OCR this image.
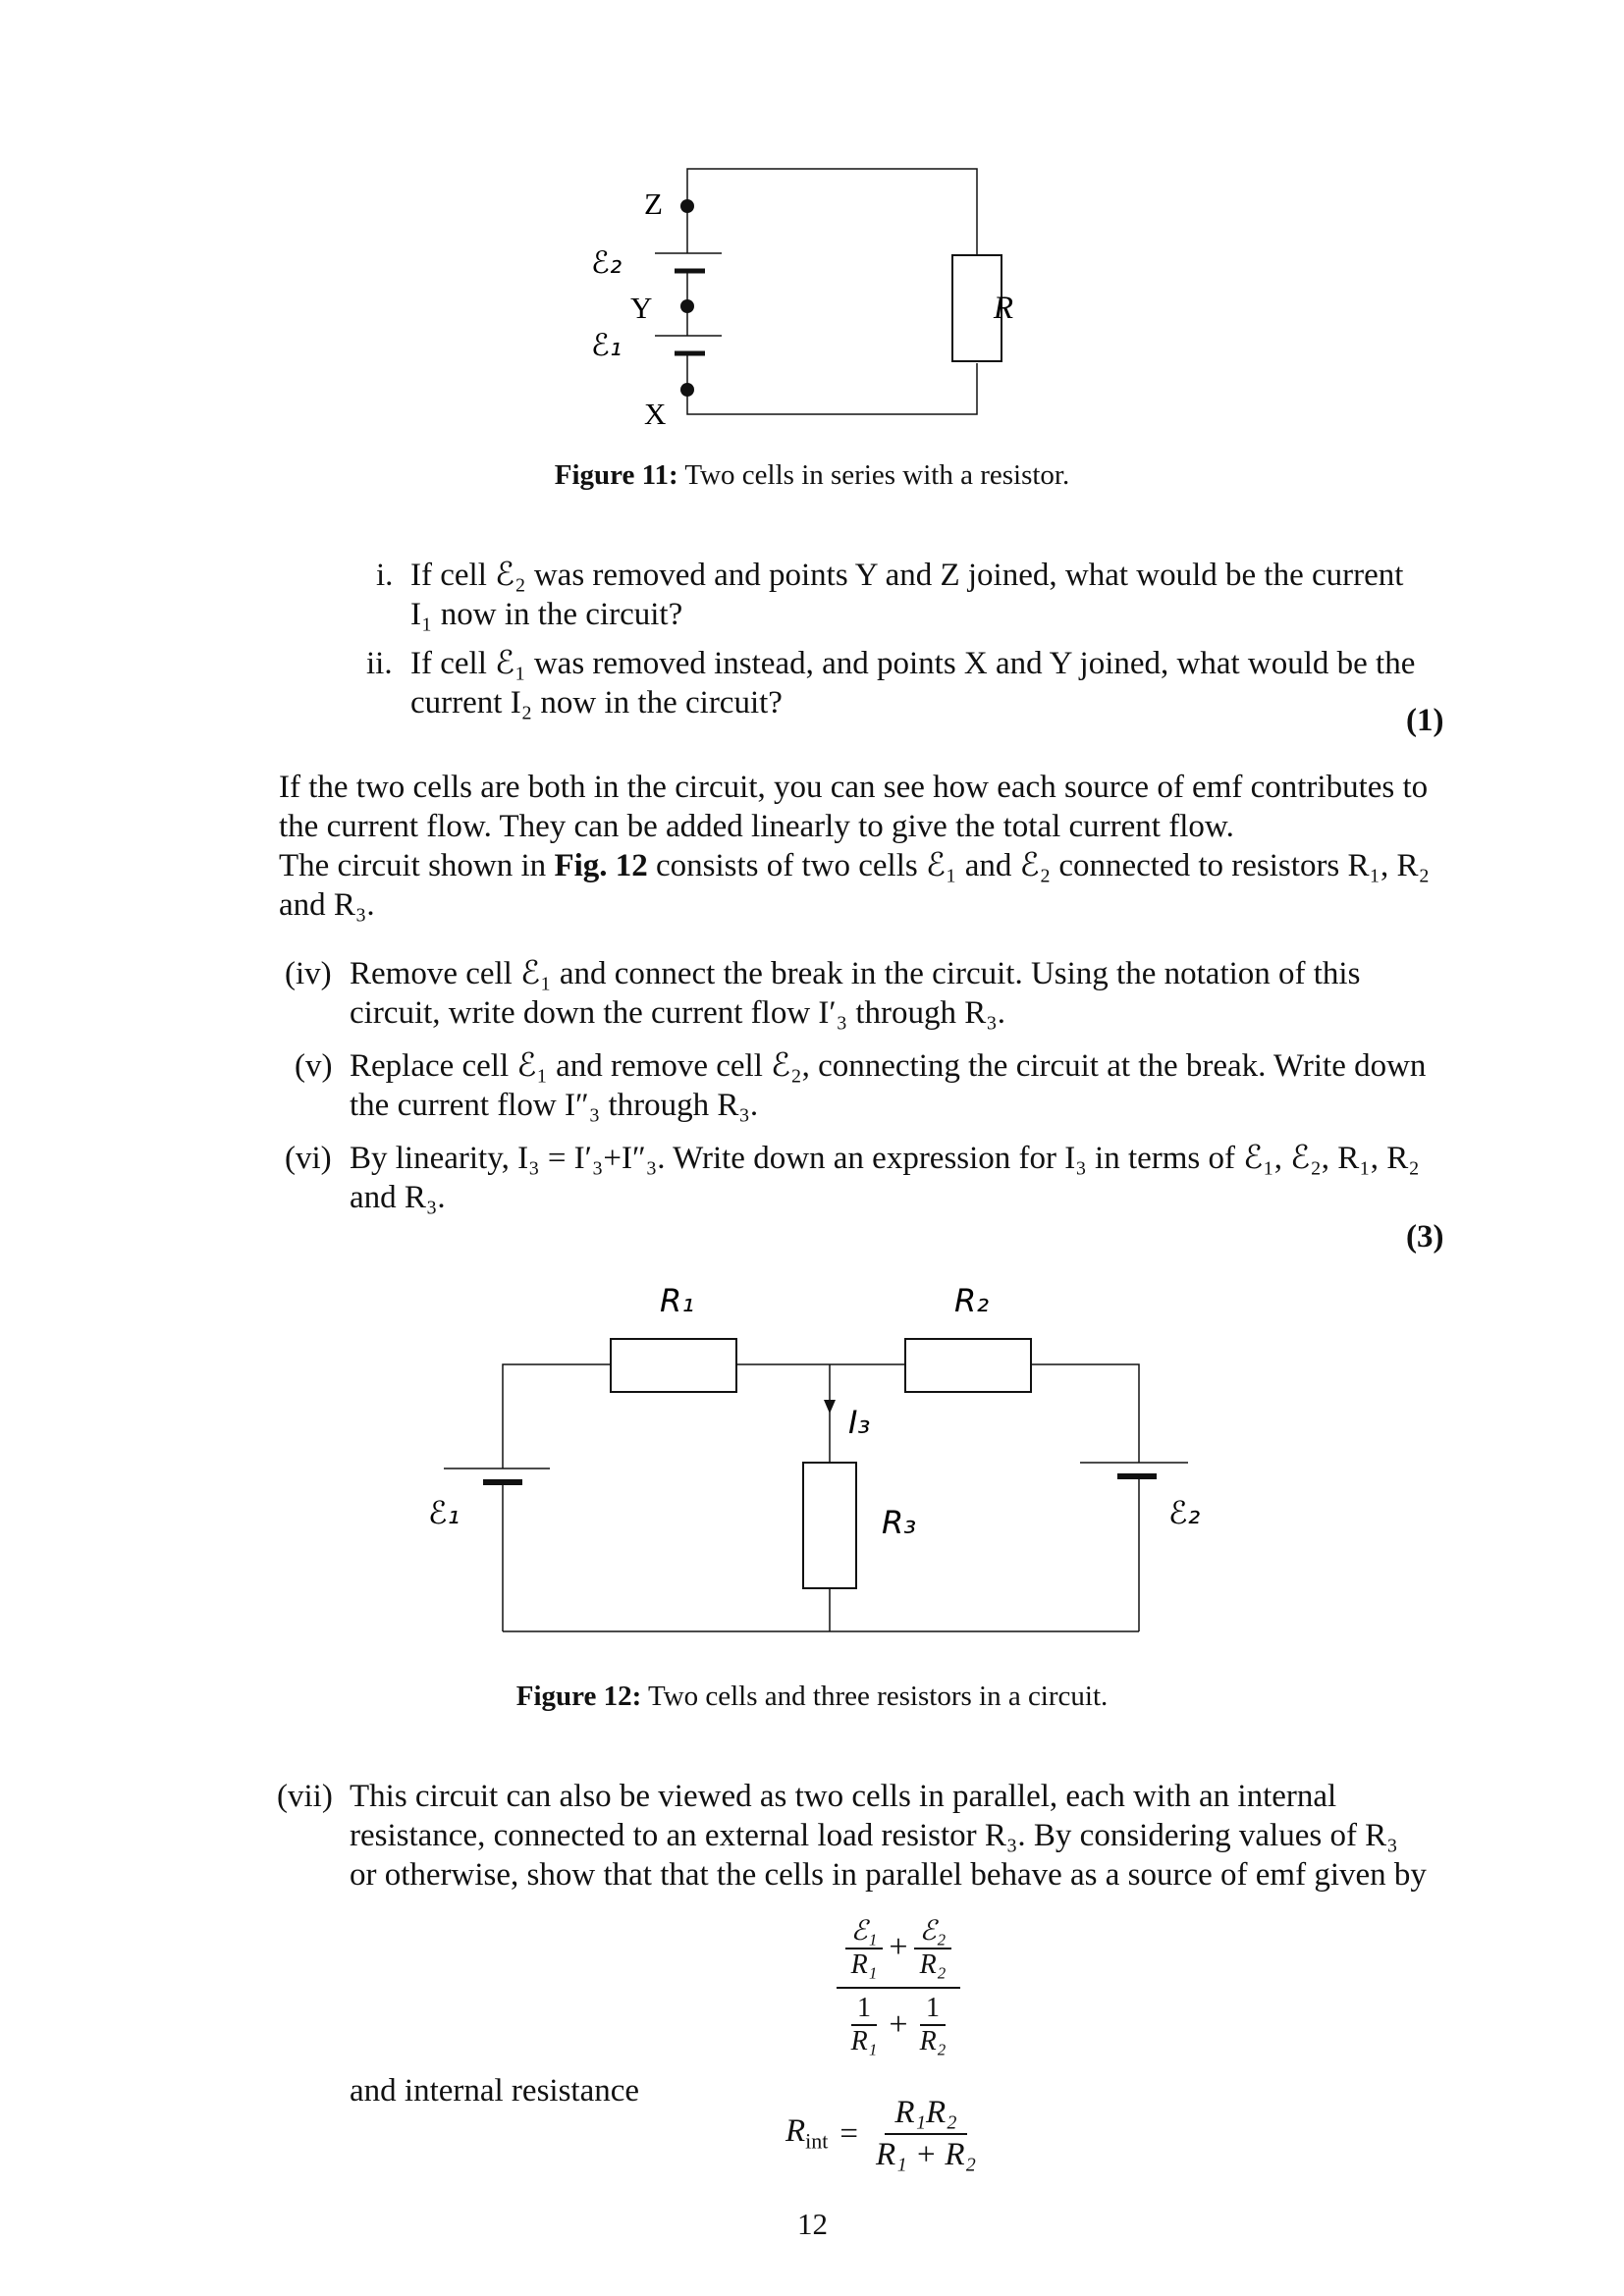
Z
ℰ₂
Y
ℰ₁
X
R
Figure 11: Two cells in series with a resistor.
i. If cell ℰ₂ was removed and points Y and Z joined, what would be the current
I₁ now in the circuit?
ii. If cell ℰ₁ was removed instead, and points X and Y joined, what would be the
current I₂ now in the circuit?	(1)
If the two cells are both in the circuit, you can see how each source of emf contributes to
the current flow. They can be added linearly to give the total current flow.
The circuit shown in Fig. 12 consists of two cells ℰ₁ and ℰ₂ connected to resistors R₁, R₂
and R₃.
(iv) Remove cell ℰ₁ and connect the break in the circuit. Using the notation of this
circuit, write down the current flow I′₃ through R₃.
(v) Replace cell ℰ₁ and remove cell ℰ₂, connecting the circuit at the break. Write down
the current flow I″₃ through R₃.
(vi) By linearity, I₃ = I′₃+I″₃. Write down an expression for I₃ in terms of ℰ₁, ℰ₂, R₁, R₂
and R₃.
(3)
R₁	R₂
I₃
R₃
ℰ₁	ℰ₂
Figure 12: Two cells and three resistors in a circuit.
(vii) This circuit can also be viewed as two cells in parallel, each with an internal
resistance, connected to an external load resistor R₃. By considering values of R₃
or otherwise, show that that the cells in parallel behave as a source of emf given by
$\frac{\text{ℰ₁}}{\text{R₁}} + \frac{\text{ℰ₂}}{\text{R₂}}$
$\frac{1}{\text{R₁}} + \frac{1}{\text{R₂}}$
and internal resistance
$R_{int} = \frac{\text{R₁R₂}}{\text{R₁ + R₂}}$
12
